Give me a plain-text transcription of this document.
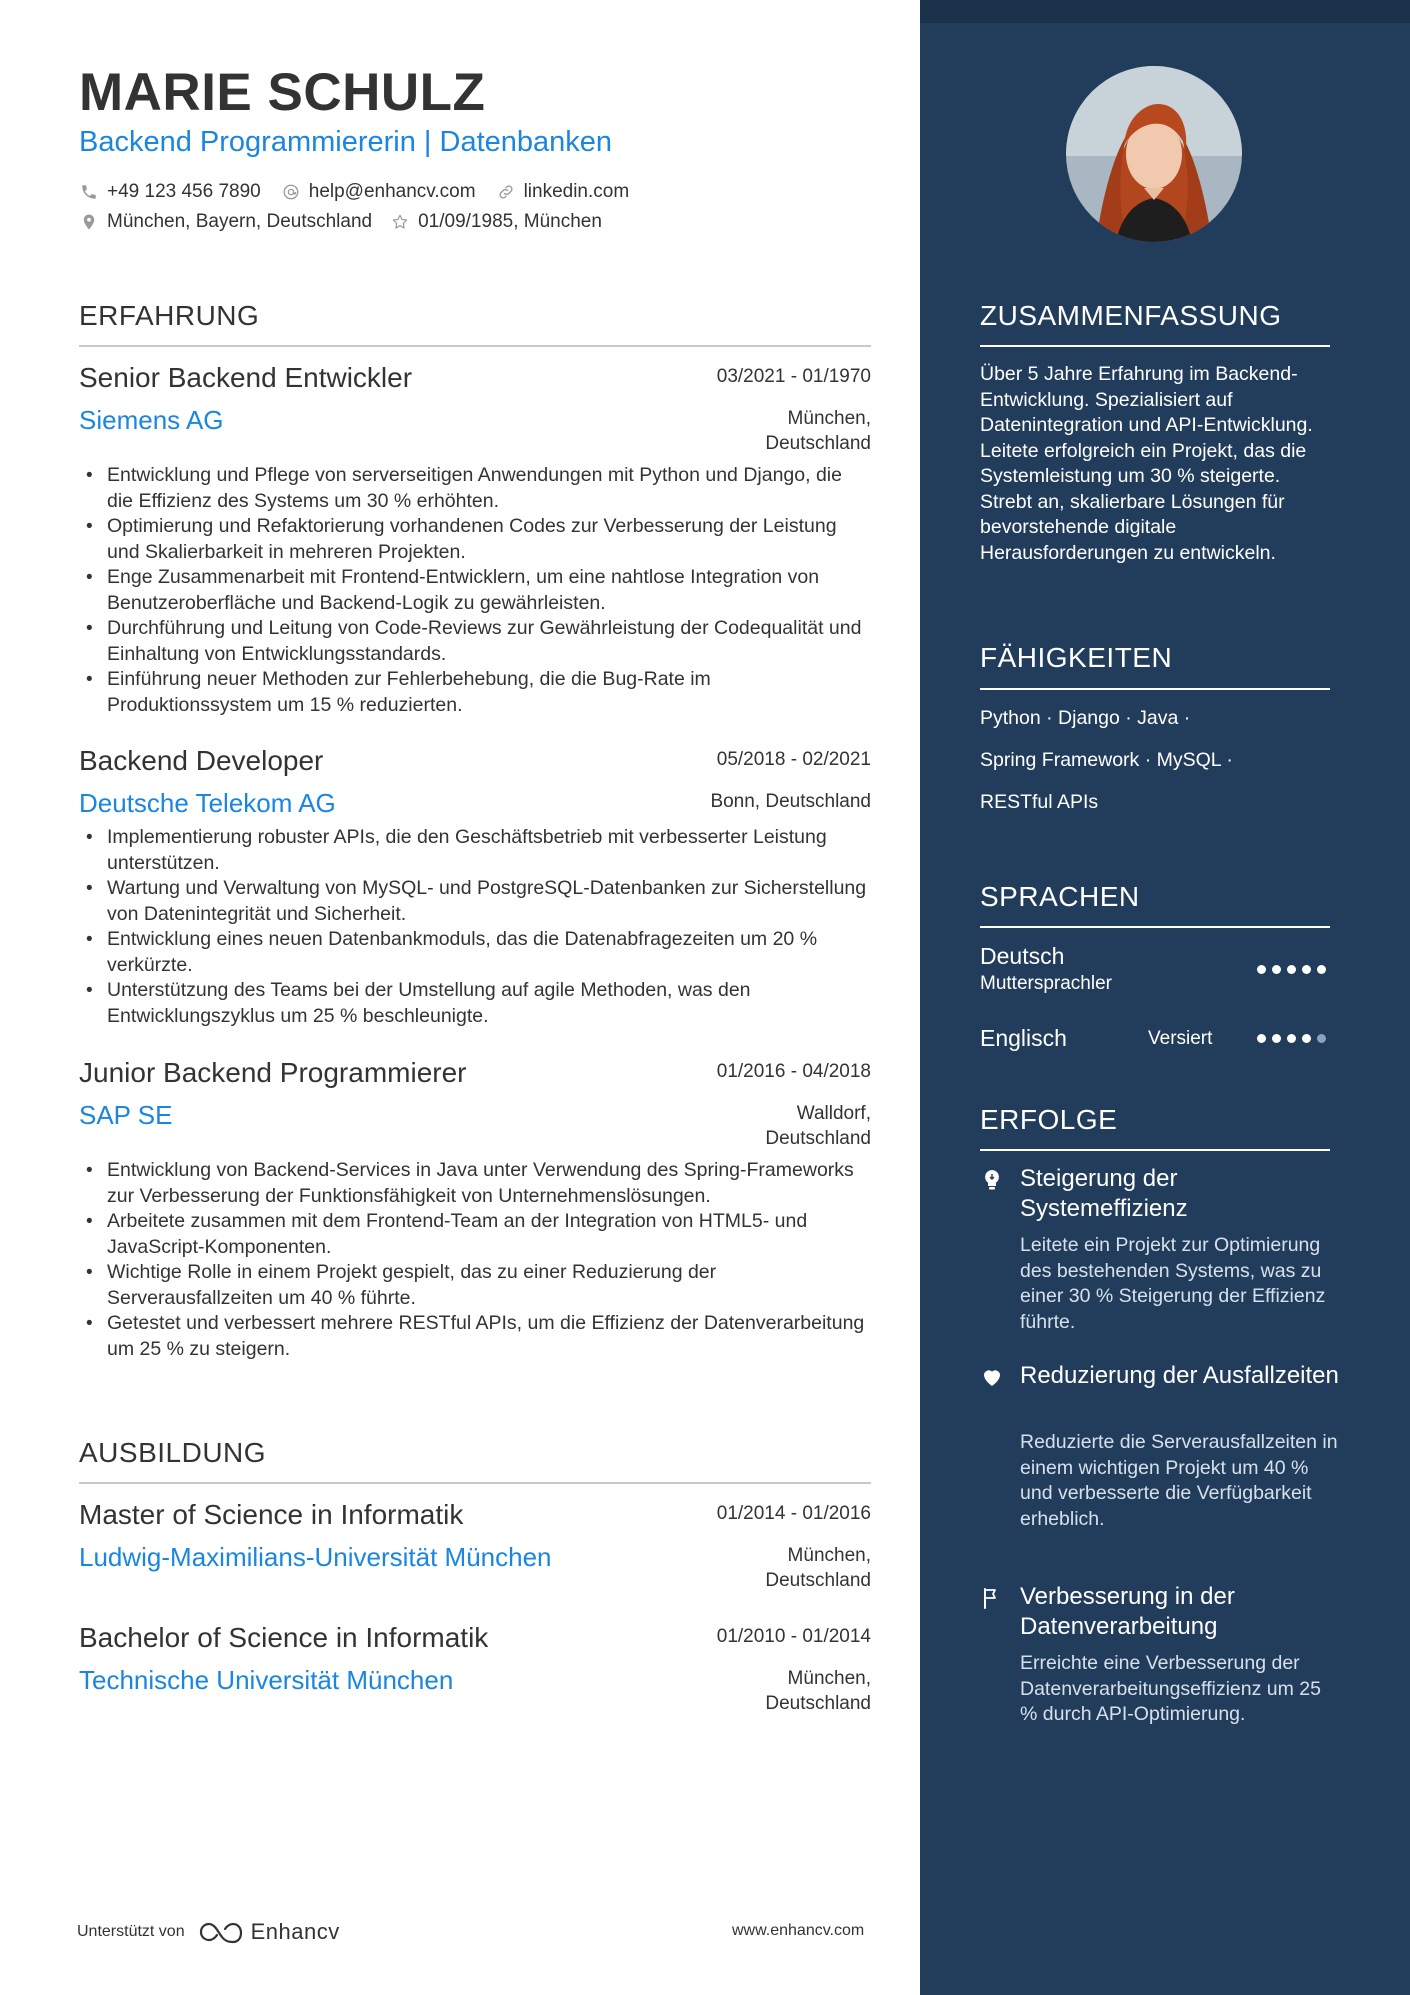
MARIE SCHULZ
Backend Programmiererin | Datenbanken
+49 123 456 7890	help@enhancv.com	linkedin.com
München, Bayern, Deutschland 01/09/1985, München
ERFAHRUNG
Senior Backend Entwickler	03/2021 - 01/1970
Siemens AG	München,
Deutschland
• Entwicklung und Pflege von serverseitigen Anwendungen mit Python und Django, die die Effizienz des Systems um 30 % erhöhten.
• Optimierung und Refaktorierung vorhandenen Codes zur Verbesserung der Leistung und Skalierbarkeit in mehreren Projekten.
• Enge Zusammenarbeit mit Frontend-Entwicklern, um eine nahtlose Integration von Benutzeroberfläche und Backend-Logik zu gewährleisten.
• Durchführung und Leitung von Code-Reviews zur Gewährleistung der Codequalität und Einhaltung von Entwicklungsstandards.
• Einführung neuer Methoden zur Fehlerbehebung, die die Bug-Rate im Produktionssystem um 15 % reduzierten.
Backend Developer	05/2018 - 02/2021
Deutsche Telekom AG	Bonn, Deutschland
• Implementierung robuster APIs, die den Geschäftsbetrieb mit verbesserter Leistung unterstützen.
• Wartung und Verwaltung von MySQL- und PostgreSQL-Datenbanken zur Sicherstellung von Datenintegrität und Sicherheit.
• Entwicklung eines neuen Datenbankmoduls, das die Datenabfragezeiten um 20 % verkürzte.
• Unterstützung des Teams bei der Umstellung auf agile Methoden, was den Entwicklungszyklus um 25 % beschleunigte.
Junior Backend Programmierer	01/2016 - 04/2018
SAP SE	Walldorf,
Deutschland
• Entwicklung von Backend-Services in Java unter Verwendung des Spring-Frameworks zur Verbesserung der Funktionsfähigkeit von Unternehmenslösungen.
• Arbeitete zusammen mit dem Frontend-Team an der Integration von HTML5- und JavaScript-Komponenten.
• Wichtige Rolle in einem Projekt gespielt, das zu einer Reduzierung der Serverausfallzeiten um 40 % führte.
• Getestet und verbessert mehrere RESTful APIs, um die Effizienz der Datenverarbeitung um 25 % zu steigern.
AUSBILDUNG
Master of Science in Informatik	01/2014 - 01/2016
Ludwig-Maximilians-Universität München	München,
Deutschland
Bachelor of Science in Informatik	01/2010 - 01/2014
Technische Universität München	München,
Deutschland
Unterstützt von	Enhancv	www.enhancv.com
ZUSAMMENFASSUNG
Über 5 Jahre Erfahrung im Backend-Entwicklung. Spezialisiert auf Datenintegration und API-Entwicklung. Leitete erfolgreich ein Projekt, das die Systemleistung um 30 % steigerte. Strebt an, skalierbare Lösungen für bevorstehende digitale Herausforderungen zu entwickeln.
FÄHIGKEITEN
Python · Django · Java ·
Spring Framework · MySQL ·
RESTful APIs
SPRACHEN
Deutsch
Muttersprachler
Englisch	Versiert
ERFOLGE
Steigerung der Systemeffizienz
Leitete ein Projekt zur Optimierung des bestehenden Systems, was zu einer 30 % Steigerung der Effizienz führte.
Reduzierung der Ausfallzeiten
Reduzierte die Serverausfallzeiten in einem wichtigen Projekt um 40 % und verbesserte die Verfügbarkeit erheblich.
Verbesserung in der Datenverarbeitung
Erreichte eine Verbesserung der Datenverarbeitungseffizienz um 25 % durch API-Optimierung.
